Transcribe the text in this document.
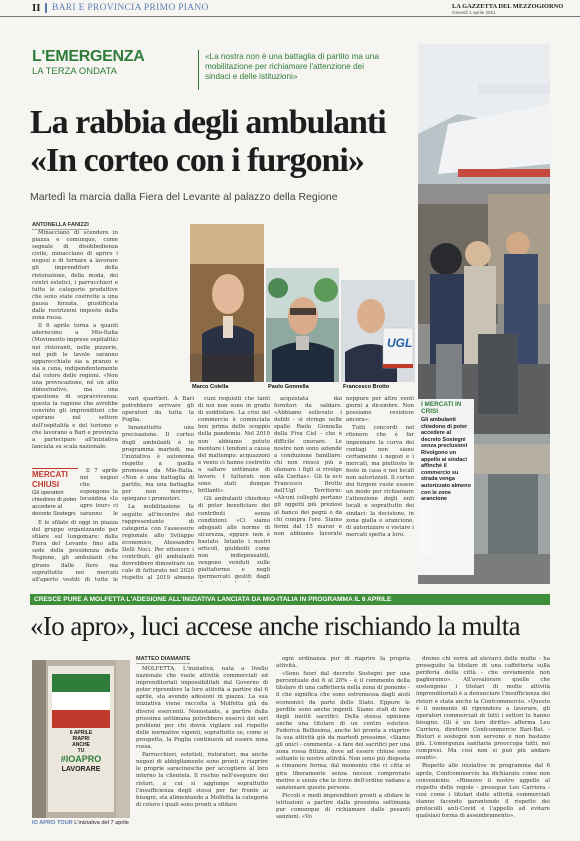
II BARI E PROVINCIA PRIMO PIANO	LA GAZZETTA DEL MEZZOGIORNO
Giovedì 1 aprile 2021
L'EMERGENZA
LA TERZA ONDATA
«La nostra non è una battaglia di partito ma una mobilitazione per richiamare l'attenzione dei sindaci e delle istituzioni»
La rabbia degli ambulanti
«In corteo con i furgoni»
Martedì la marcia dalla Fiera del Levante al palazzo della Regione
I MERCATI IN CRISI
Gli ambulanti chiedono di poter accedere al decreto Sostegni senza preclusioni Rivolgono un appello ai sindaci affinché il commercio su strada venga autorizzato almeno con le zone arancione
ANTONELLA FANIZZI
Marco Colella	Paolo Gonnella
UGL
Francesco Brotto

Minacciano di scendere in piazza e comunque, come segnale di disobbedienza civile, minacciano di aprire i negozi e di tornare a lavorare gli imprenditori della ristorazione, della moda, dei centri estetici, i parrucchieri e tutte le categorie produttive che sono state costrette a una pausa forzata, giustificata dalle restrizioni imposte dalla zona rossa.

Il 6 aprile torna a quanti aderiscono a Mio-Italia (Movimento imprese ospitalità) nei ristoranti, nelle pizzerie, nei pub le tavole saranno apparecchiate sia a pranzo e sia a cena, indipendentemente dal colore delle regioni. «Non una provocazione, né un atto dimostrativo, ma una questione di sopravvivenza: questa la ragione che avrebbe convinto gli imprenditori che operano nel settore dell'ospitalità e del turismo e che lavorano a Bari e provincia a partecipare all'iniziativa lanciata su scala nazionale.

Il 7 aprile nei negozi che espongono la locandina «Io apro tour» ci saranno le

E le sfilate di oggi in piazza del gruppo organizzando per sfilare sul lungomare: dalla Fiera del Levante fino alla sede della presidenza della Regione, gli ambulanti che girano dalle fiere ma soprattutto nei mercati all'aperto vestiti di tutte le

MERCATI CHIUSI
Gli operatori chiedono di poter accedere al decreto Sostegni

vari quartieri. A Bari potrebbero arrivare gli operatori da tutta la Puglia.

Innanzitutto una precisazione. Il corteo degli ambulanti è in programma martedì, ma l'iniziativa è autonoma rispetto a quella promossa da Mio-Italia. «Non è una battaglia di partito, ma una battaglia per non morire», spiegano i promotori.

La mobilitazione fa seguito all'incontro del rappresentante di categoria con l'assessore regionale allo Sviluppo economico, Alessandro Delli Noci. Per ottenere i contributi, gli ambulanti dovrebbero dimostrare un calo di fatturato nel 2020 rispetto al 2019 almeno

cuni requisiti che tanti di noi non sono in grado di soddisfare. La crisi del commercio è cominciata ben prima dello scoppio della pandemia. Nel 2019 non abbiamo potuto montare i tendoni a causa del maltempo: acquazzoni e vento ci hanno costretto a saltare settimane di lavoro. I fatturati non sono stati dunque brillanti».

Gli ambulanti chiedono di poter beneficiare dei contributi senza condizioni: «Ci siamo adeguati alle norme di sicurezza, eppure non è bastato. Intanto i nostri articoli, giubbotti come non indispensabili, vengono venduti sulle piattaforme e negli ipermercati gestiti dagli

acquistata dai fornitori da saldare. «Abbiamo sollevato i debiti - si stringe nelle spalle Paolo Gonnella della Fiva Cisl - che è difficile onorare. Le nostre non sono aziende a conduzione familiare: chi non riesce più a sfamare i figli si rivolge alla Caritas». Gli fa eco Francesco Brotto dell'Ugl Territorio: «Alcuni colleghi portano gli oggetti più preziosi al banco dei pegni o da chi compra l'oro. Siamo fermi dal 15 marzo e non abbiamo lavorato neppure per altre venti giorni a dicembre. Non possiamo resistere ancora».

Tutti concordi nel ritenere che è far impennare la curva dei contagi non siano certamente i negozi e i mercati, ma piuttosto le feste in casa o nei locali non autorizzati. Il corteo dei furgoni vuole essere un modo per richiamare l'attenzione degli enti locali e soprattutto dei sindaci: la decisione, in zona gialla e arancione, di autorizzare o vietare i mercati spetta a loro.

CRESCE PURE A MOLFETTA L'ADESIONE ALL'INIZIATIVA LANCIATA DA MIO-ITALIA IN PROGRAMMA IL 6 APRILE
«Io apro», luci accese anche rischiando la multa
6 APRILE
RIAPRI
ANCHE
TU
#IOAPRO
LAVORARE
IO APRO TOUR L'iniziativa del 7 aprile
MATTEO DIAMANTE

MOLFETTA. L'iniziativa, nata a livello nazionale che vuole attività commerciali ed imprenditoriali impossibilitati dal Governo di poter riprendere la loro attività a partire dal 6 aprile, sta avendo adesioni in piazza. La sua iniziativa viene raccolta a Molfetta già da diversi esercenti. Nonostante, a partire dalla prossima settimana potrebbero esserci dei seri problemi per chi dovrà vigilare sul rispetto delle normative vigenti, soprattutto se, come si prospetta, la Puglia continuerà ad essere zona rossa.

Parrucchieri, estetisti, ristoratori, ma anche negozi di abbigliamento sono pronti a riaprire le proprie saracinesche per accogliere al loro interno la clientela. Il rischio nell'eseguire dei ristori, a cui si aggiunge soprattutto l'insufficienza degli stessi per far fronte ai bisogni, sta alimentando a Molfetta la categoria di coloro i quali sono pronti a sfidare

ogni ordinanza pur di riaprire la propria attività.

«Sono fuori dal decreto Sostegni per una percentuale del 6 al 28% - è il commento della titolare di una caffetteria nella zona di ponente - il che significa che sono estromessa dagli aiuti economici da parte dello Stato. Eppure le perdite sono anche ingenti. Siamo stufi di fare degli inutili sacrifici. Della stessa opinione anche una titolare di un centro estetico. Federica Bellissima, anche lei pronta a riaprire la sua attività già da martedì prossimo. «Siamo gli unici - commenta - a fare dei sacrifici per una zona rossa fittizia, dove ad essere chiuse sono soltanto le nostre attività. Non sono più disposta a rimanere ferma, dal momento che ci citta si gira liberamente senza nessun comprovato motivo e senza che le forze dell'ordine vadano a sanzionare queste persone.

Piccoli e medi imprenditori pronti a sfidare le istituzioni a partire dalla prossima settimana pur comunque di richiamare dalle pesanti sanzioni. «Vo

dremo chi verrà ad elevarci delle multe - ha proseguito la titolare di una caffetteria sulla periferia della città - che ovviamente non pagheremo». All'avvalorare quelle che sostengono i titolari di molte attività imprenditoriali è a denunciare l'insufficienza dei ristori è stata anche la Confcommercio. «Questo è il momento di riprendere a lavorare, gli operatori commerciali di tutti i settori lo hanno bisogno. Gli è un loro diritto» afferma Leo Carriera, direttore Confcommercio Bari-Bat. - Ristori e sostegni non servono e non bastano più. L'emergenza sanitaria preoccupa tutti, noi compresi. Ma così non si può più andare avanti».

Rispetto alle iniziative in programma dal 6 aprile, Confcommercio ha dichiarato come non conveniente. «Rinnovo il nostro appello al rispetto delle regole - prosegue Leo Carriera - così come i titolari delle attività commerciali stanno facendo garantendo il rispetto dei protocolli anti-Covid e l'appello ad evitare qualsiasi forma di assembramento».
